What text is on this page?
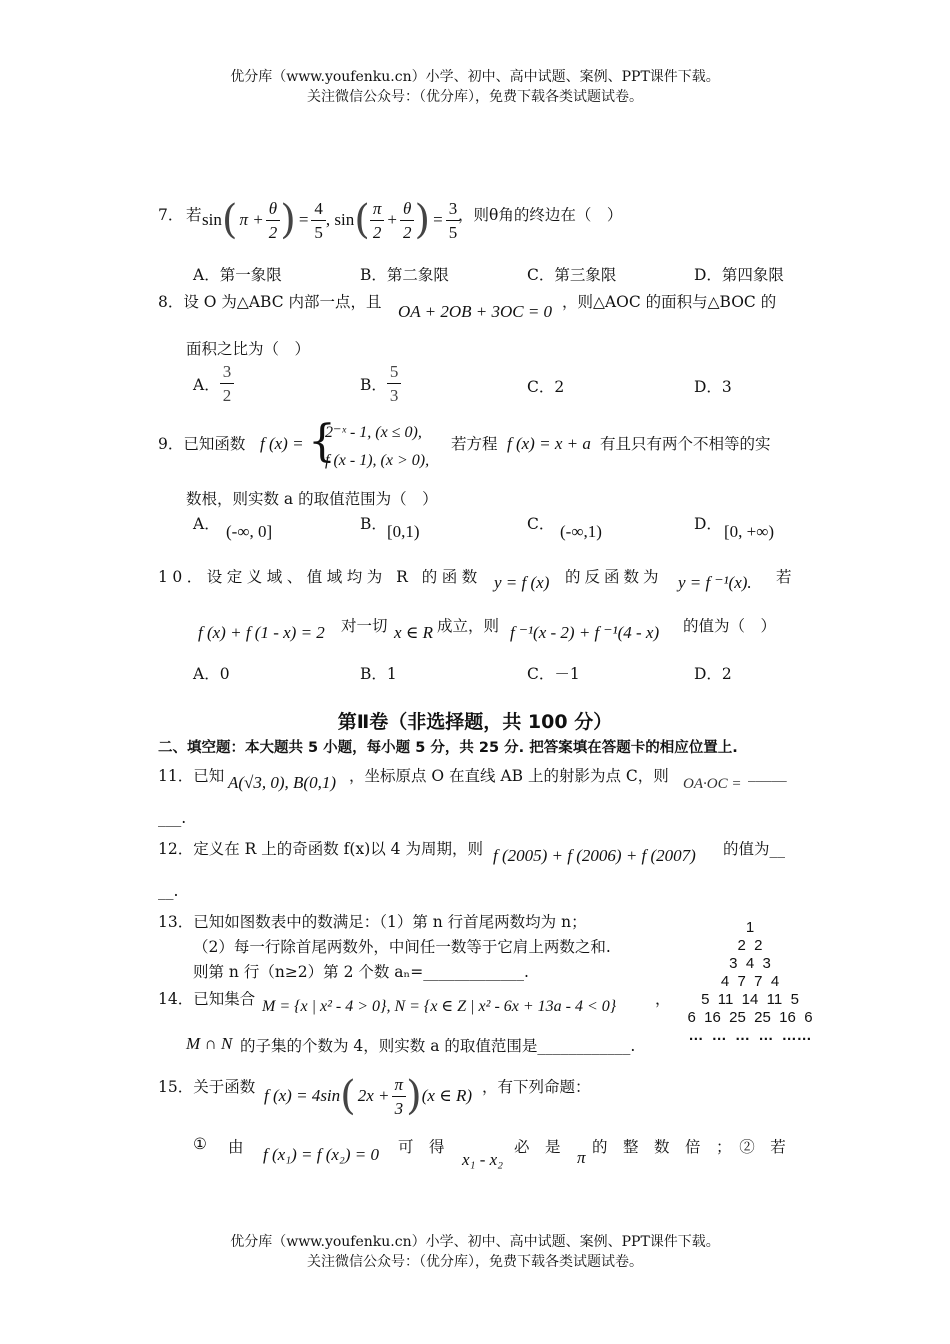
优分库（www.youfenku.cn）小学、初中、高中试题、案例、PPT课件下载。
关注微信公众号：（优分库），免费下载各类试题试卷。
7． 若 sin ( $\pi + \frac{\theta}{2}$ ) = $\frac{4}{5}$ , sin ( $\frac{\pi}{2} + \frac{\theta}{2}$ ) = $\frac{3}{5}$
，则θ角的终边在（　）
A．第一象限	B．第二象限	C．第三象限	D．第四象限
8．设 O 为△ABC 内部一点，且 OA + 2OB + 3OC = 0 ，则△AOC 的面积与△BOC 的
面积之比为（　）
A． $\frac{3}{2}$	B． $\frac{5}{3}$	C．2	D．3
9．已知函数 f (x) = {
2⁻ˣ - 1, (x ≤ 0),
f (x - 1), (x > 0),
若方程 f (x) = x + a 有且只有两个不相等的实
数根，则实数 a 的取值范围为（　）
A． (-∞, 0]	B． [0,1)	C． (-∞,1)	D． [0, +∞)
10．设定义域、值域均为 R 的函数 y = f (x) 的反函数为 y = f ⁻¹(x). 若
f (x) + f (1 - x) = 2 对一切 x ∈ R 成立，则 f ⁻¹(x - 2) + f ⁻¹(4 - x) 的值为（　）
A．0	B．1	C．－1	D．2
第Ⅱ卷（非选择题，共 100 分）
二、填空题：本大题共 5 小题，每小题 5 分，共 25 分. 把答案填在答题卡的相应位置上.
11．已知 A(√3, 0), B(0,1) ，坐标原点 O 在直线 AB 上的射影为点 C，则 OA·OC =
_____
___.
12．定义在 R 上的奇函数 f(x)以 4 为周期，则 f (2005) + f (2006) + f (2007) 的值为__
__.
13．已知如图数表中的数满足：（1）第 n 行首尾两数均为 n；
（2）每一行除首尾两数外，中间任一数等于它肩上两数之和.
则第 n 行（n≥2）第 2 个数 aₙ=_____________.
1
2  2
3  4  3
4  7  7  4
5  11  14  11  5
6  16  25  25  16  6
…  …  …  …  ……
14．已知集合 M = {x | x² - 4 > 0}, N = {x ∈ Z | x² - 6x + 13a - 4 < 0}	，
M ∩ N 的子集的个数为 4，则实数 a 的取值范围是____________.
15．关于函数 f (x) = 4sin ( $2x + \frac{\pi}{3}$ ) (x ∈ R) ，有下列命题：
① 由 f (x₁) = f (x₂) = 0 可　得
x₁ - x₂
必　是
π
的　整　数　倍　；　②　若
优分库（www.youfenku.cn）小学、初中、高中试题、案例、PPT课件下载。
关注微信公众号：（优分库），免费下载各类试题试卷。
